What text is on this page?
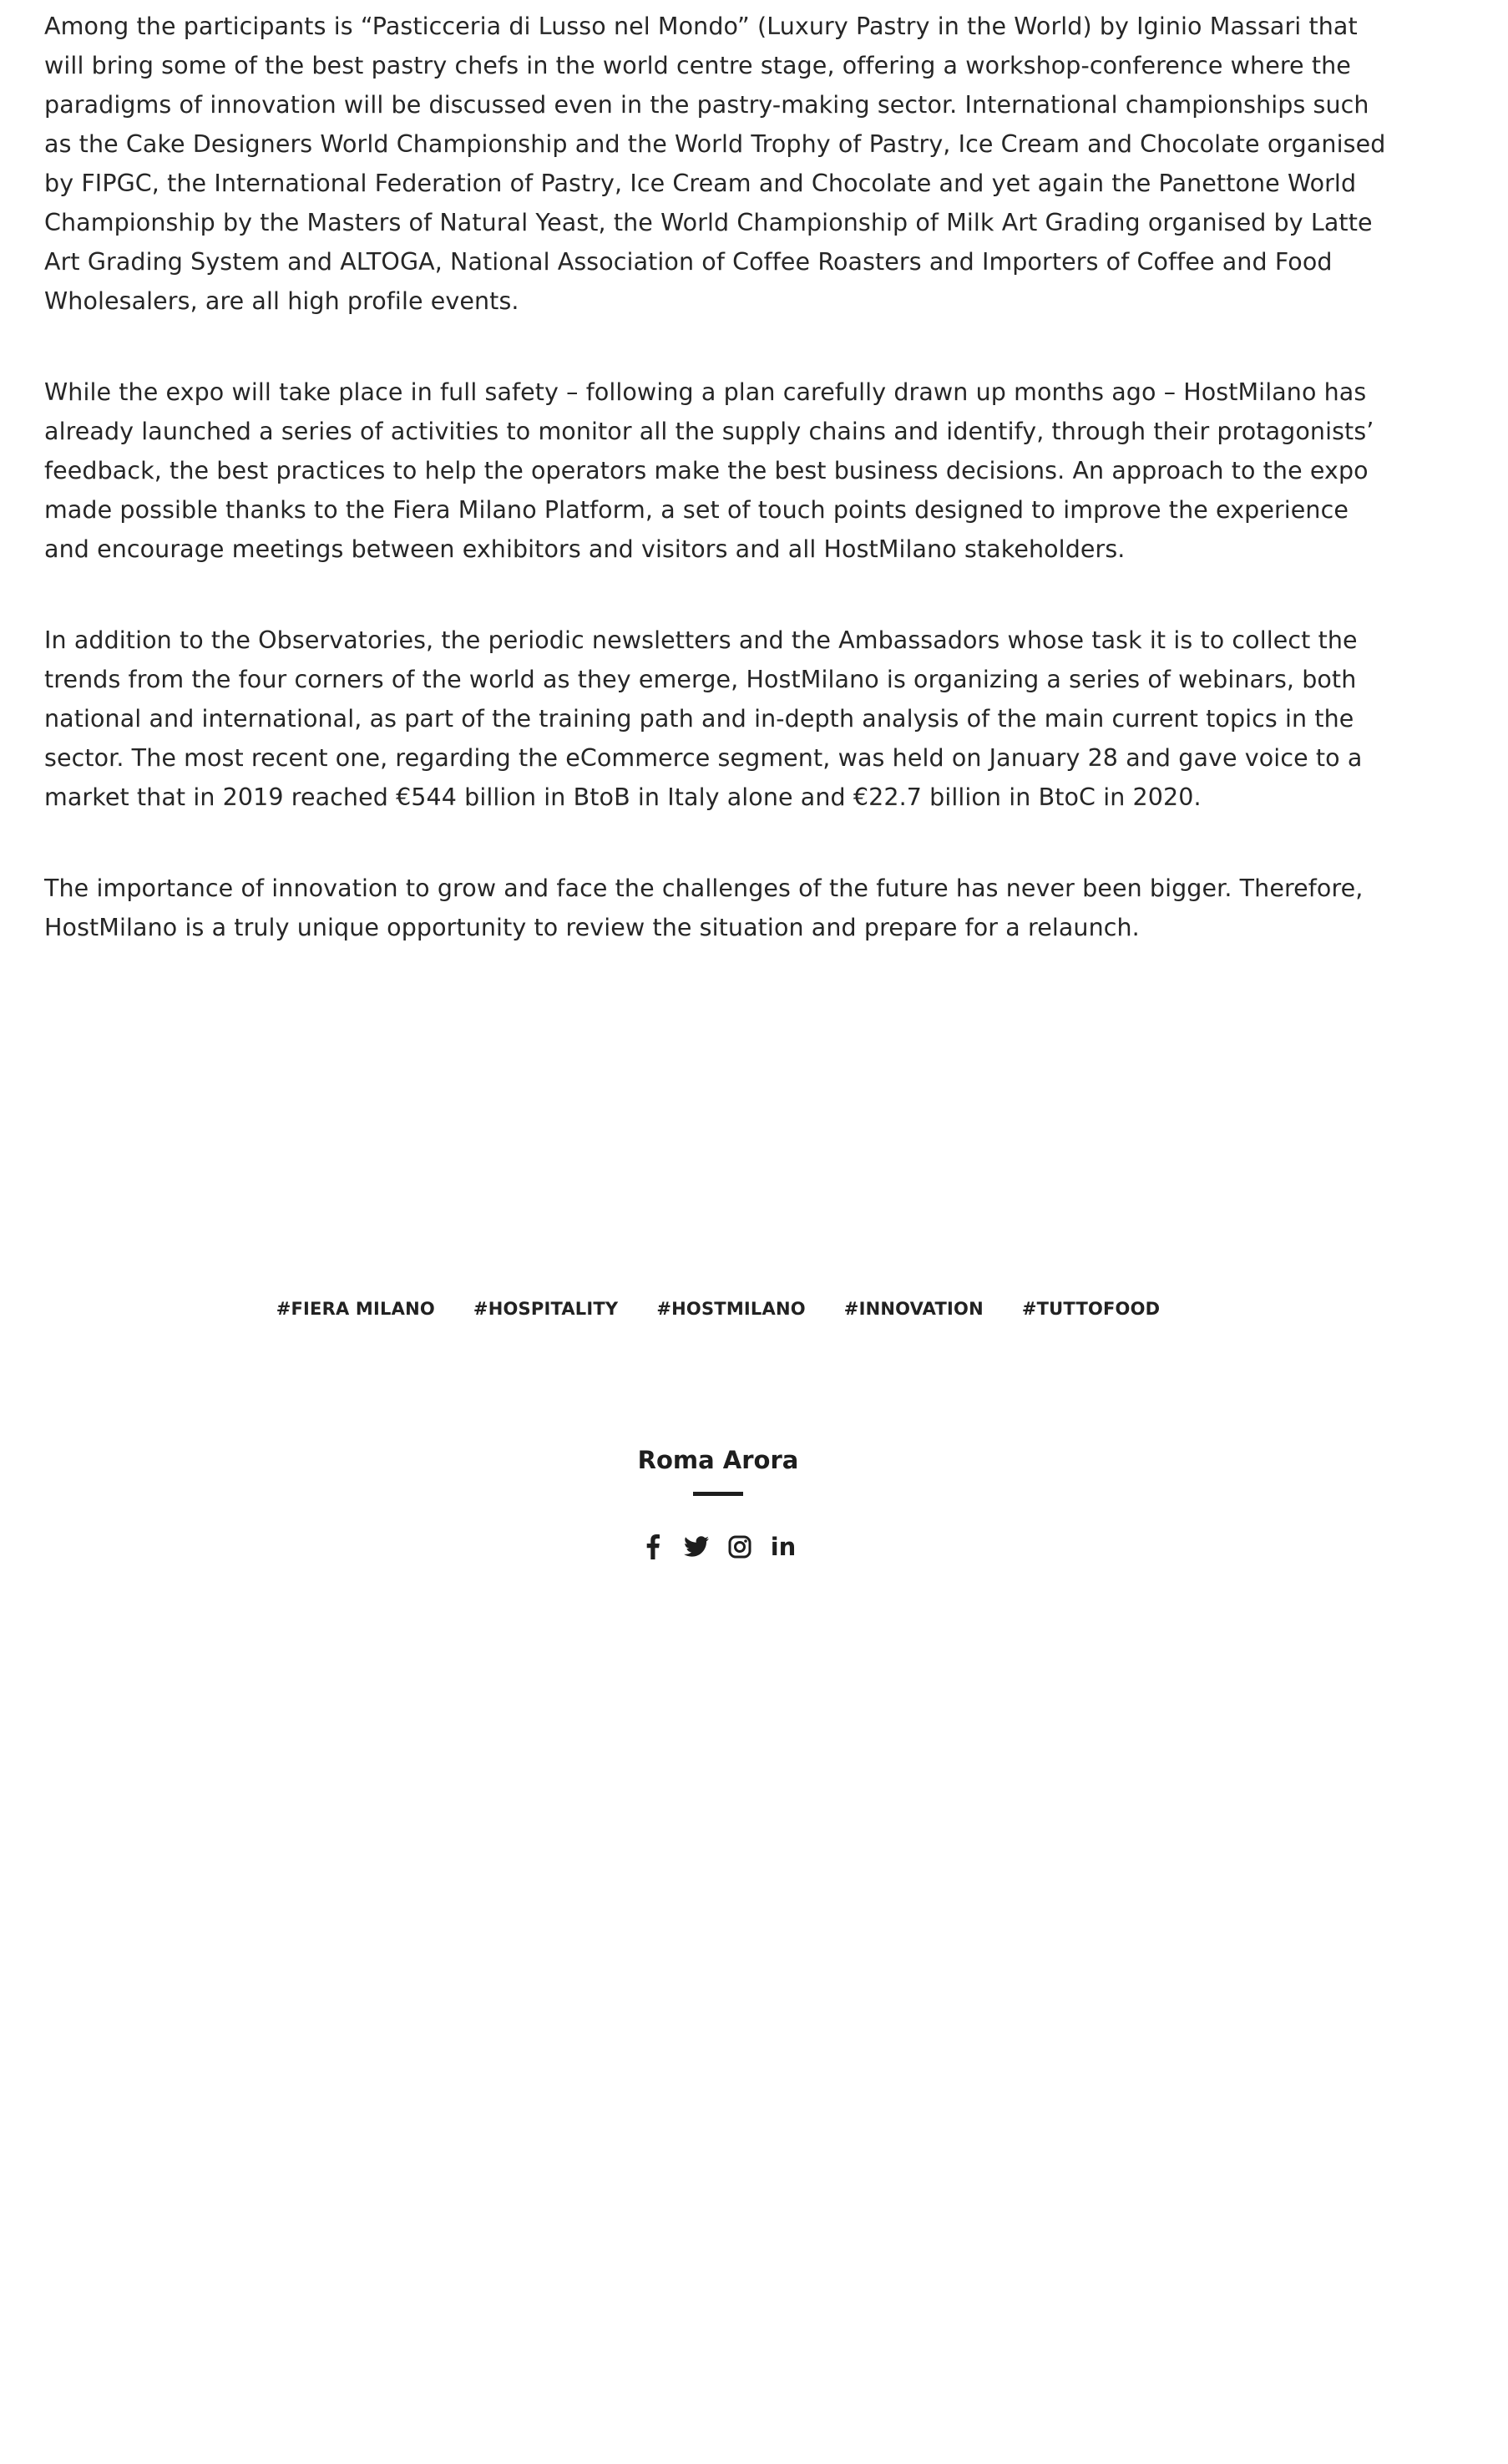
Among the participants is “Pasticceria di Lusso nel Mondo” (Luxury Pastry in the World) by Iginio Massari that will bring some of the best pastry chefs in the world centre stage, offering a workshop-conference where the paradigms of innovation will be discussed even in the pastry-making sector. International championships such as the Cake Designers World Championship and the World Trophy of Pastry, Ice Cream and Chocolate organised by FIPGC, the International Federation of Pastry, Ice Cream and Chocolate and yet again the Panettone World Championship by the Masters of Natural Yeast, the World Championship of Milk Art Grading organised by Latte Art Grading System and ALTOGA, National Association of Coffee Roasters and Importers of Coffee and Food Wholesalers, are all high profile events.

While the expo will take place in full safety – following a plan carefully drawn up months ago – HostMilano has already launched a series of activities to monitor all the supply chains and identify, through their protagonists’ feedback, the best practices to help the operators make the best business decisions. An approach to the expo made possible thanks to the Fiera Milano Platform, a set of touch points designed to improve the experience and encourage meetings between exhibitors and visitors and all HostMilano stakeholders.

In addition to the Observatories, the periodic newsletters and the Ambassadors whose task it is to collect the trends from the four corners of the world as they emerge, HostMilano is organizing a series of webinars, both national and international, as part of the training path and in-depth analysis of the main current topics in the sector. The most recent one, regarding the eCommerce segment, was held on January 28 and gave voice to a market that in 2019 reached €544 billion in BtoB in Italy alone and €22.7 billion in BtoC in 2020.

The importance of innovation to grow and face the challenges of the future has never been bigger. Therefore, HostMilano is a truly unique opportunity to review the situation and prepare for a relaunch.

#FIERA MILANO #HOSPITALITY #HOSTMILANO #INNOVATION #TUTTOFOOD

Roma Arora

in
